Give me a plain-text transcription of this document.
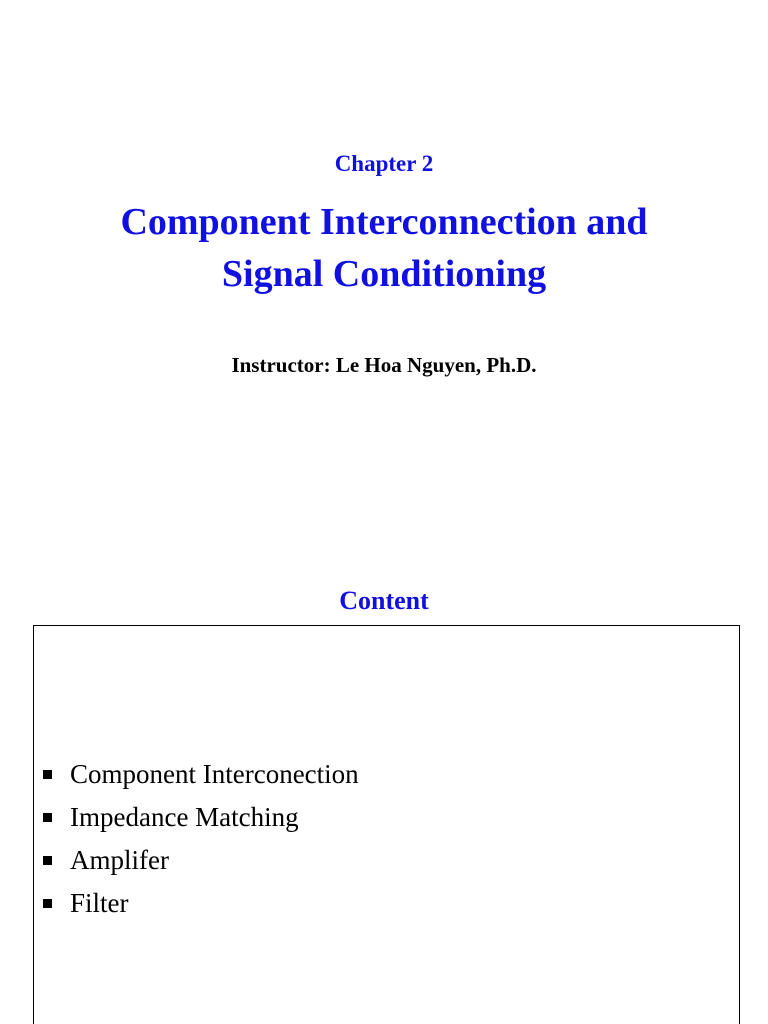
Chapter 2
Component Interconnection and
Signal Conditioning
Instructor: Le Hoa Nguyen, Ph.D.
Content
Component Interconection
Impedance Matching
Amplifer
Filter
